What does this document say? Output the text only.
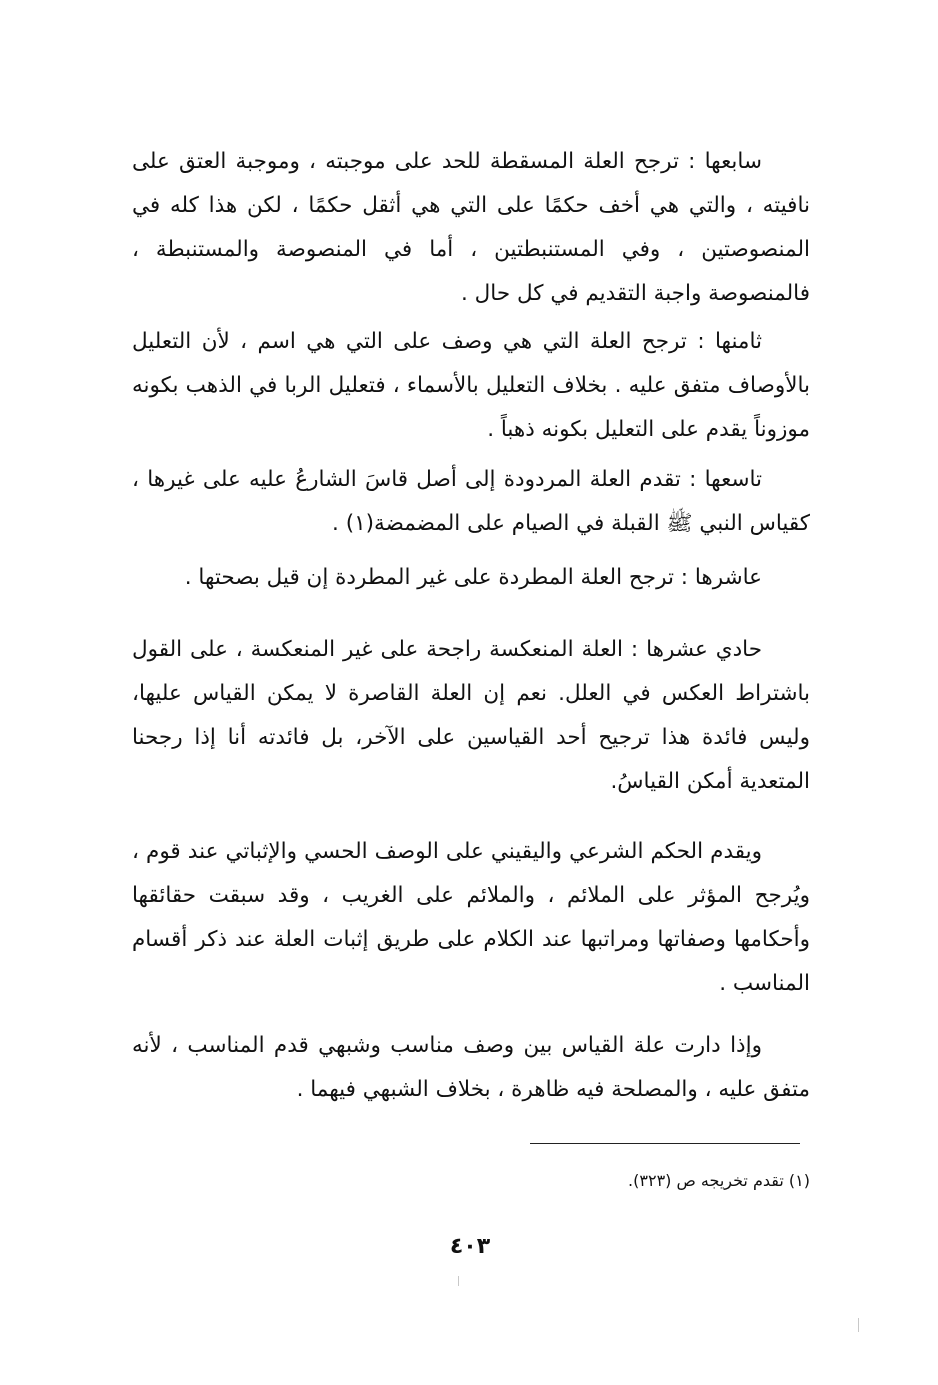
سابعها : ترجح العلة المسقطة للحد على موجبته ، وموجبة العتق على نافيته ، والتي هي أخف حكمًا على التي هي أثقل حكمًا ، لكن هذا كله في المنصوصتين ، وفي المستنبطتين ، أما في المنصوصة والمستنبطة ، فالمنصوصة واجبة التقديم في كل حال .

ثامنها : ترجح العلة التي هي وصف على التي هي اسم ، لأن التعليل بالأوصاف متفق عليه . بخلاف التعليل بالأسماء ، فتعليل الربا في الذهب بكونه موزوناً يقدم على التعليل بكونه ذهباً .

تاسعها : تقدم العلة المردودة إلى أصل قاسَ الشارعُ عليه على غيرها ، كقياس النبي ﷺ القبلة في الصيام على المضمضة(١) .

عاشرها : ترجح العلة المطردة على غير المطردة إن قيل بصحتها .

حادي عشرها : العلة المنعكسة راجحة على غير المنعكسة ، على القول باشتراط العكس في العلل. نعم إن العلة القاصرة لا يمكن القياس عليها، وليس فائدة هذا ترجيح أحد القياسين على الآخر، بل فائدته أنا إذا رجحنا المتعدية أمكن القياسُ.

ويقدم الحكم الشرعي واليقيني على الوصف الحسي والإثباتي عند قوم ، ويُرجح المؤثر على الملائم ، والملائم على الغريب ، وقد سبقت حقائقها وأحكامها وصفاتها ومراتبها عند الكلام على طريق إثبات العلة عند ذكر أقسام المناسب .

وإذا دارت علة القياس بين وصف مناسب وشبهي قدم المناسب ، لأنه متفق عليه ، والمصلحة فيه ظاهرة ، بخلاف الشبهي فيهما .

(١) تقدم تخريجه ص (٣٢٣).

٤٠٣
